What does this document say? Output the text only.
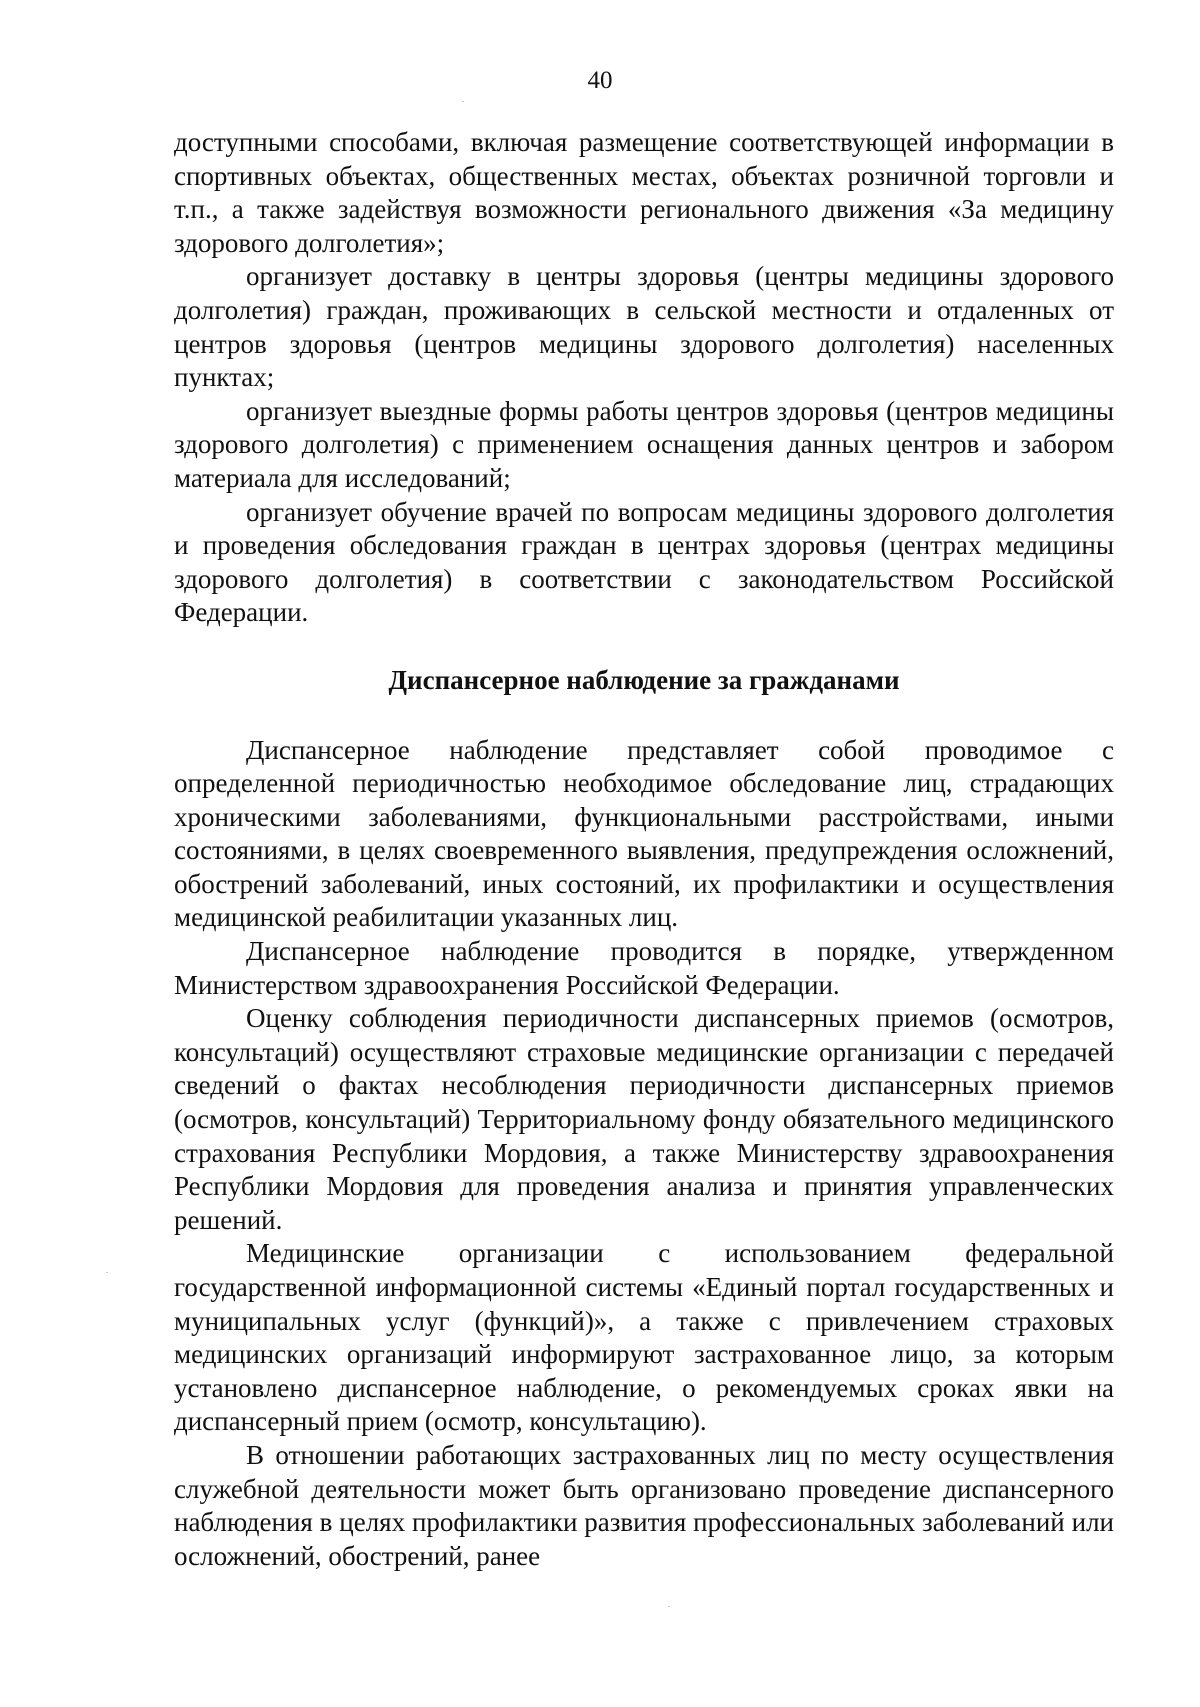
40

доступными способами, включая размещение соответствующей информации в спортивных объектах, общественных местах, объектах розничной торговли и т.п., а также задействуя возможности регионального движения «За медицину здорового долголетия»;

организует доставку в центры здоровья (центры медицины здорового долголетия) граждан, проживающих в сельской местности и отдаленных от центров здоровья (центров медицины здорового долголетия) населенных пунктах;

организует выездные формы работы центров здоровья (центров медицины здорового долголетия) с применением оснащения данных центров и забором материала для исследований;

организует обучение врачей по вопросам медицины здорового долголетия и проведения обследования граждан в центрах здоровья (центрах медицины здорового долголетия) в соответствии с законодательством Российской Федерации.

Диспансерное наблюдение за гражданами

Диспансерное наблюдение представляет собой проводимое с определенной периодичностью необходимое обследование лиц, страдающих хроническими заболеваниями, функциональными расстройствами, иными состояниями, в целях своевременного выявления, предупреждения осложнений, обострений заболеваний, иных состояний, их профилактики и осуществления медицинской реабилитации указанных лиц.

Диспансерное наблюдение проводится в порядке, утвержденном Министерством здравоохранения Российской Федерации.

Оценку соблюдения периодичности диспансерных приемов (осмотров, консультаций) осуществляют страховые медицинские организации с передачей сведений о фактах несоблюдения периодичности диспансерных приемов (осмотров, консультаций) Территориальному фонду обязательного медицинского страхования Республики Мордовия, а также Министерству здравоохранения Республики Мордовия для проведения анализа и принятия управленческих решений.

Медицинские организации с использованием федеральной государственной информационной системы «Единый портал государственных и муниципальных услуг (функций)», а также с привлечением страховых медицинских организаций информируют застрахованное лицо, за которым установлено диспансерное наблюдение, о рекомендуемых сроках явки на диспансерный прием (осмотр, консультацию).

В отношении работающих застрахованных лиц по месту осуществления служебной деятельности может быть организовано проведение диспансерного наблюдения в целях профилактики развития профессиональных заболеваний или осложнений, обострений, ранее
